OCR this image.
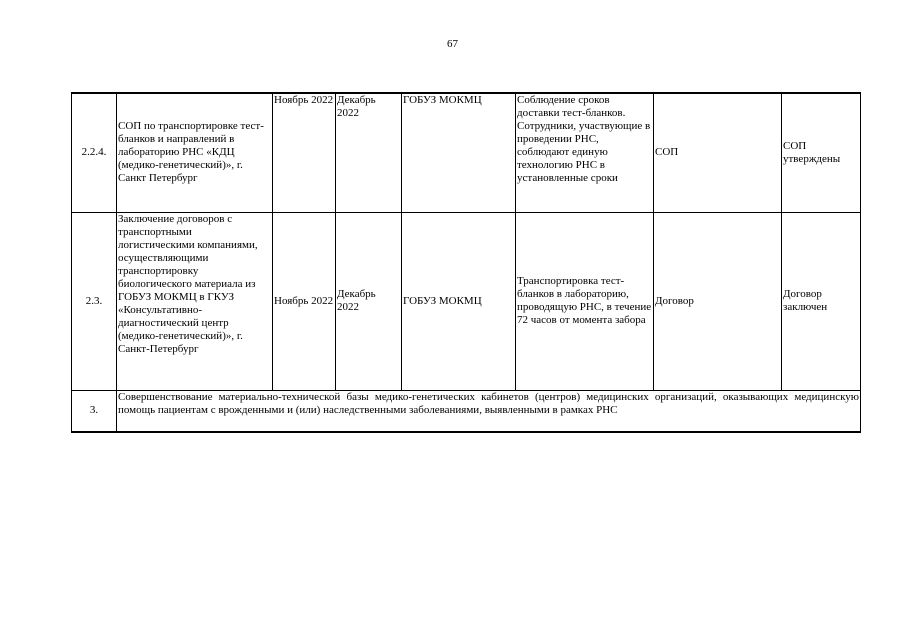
67
2.2.4.	СОП по транспортировке тест-бланков и направлений в лабораторию РНС «КДЦ (медико-генетический)», г. Санкт Петербург	Ноябрь 2022	Декабрь 2022	ГОБУЗ МОКМЦ	Соблюдение сроков доставки тест-бланков. Сотрудники, участвующие в проведении РНС, соблюдают единую технологию РНС в установленные сроки	СОП	СОП утверждены
2.3.	Заключение договоров с транспортными логистическими компаниями, осуществляющими транспортировку биологического материала из ГОБУЗ МОКМЦ в ГКУЗ «Консультативно-диагностический центр (медико-генетический)», г. Санкт-Петербург	Ноябрь 2022	Декабрь 2022	ГОБУЗ МОКМЦ	Транспортировка тест-бланков в лабораторию, проводящую РНС, в течение 72 часов от момента забора	Договор	Договор заключен
3.	Совершенствование материально-технической базы медико-генетических кабинетов (центров) медицинских организаций, оказывающих медицинскую помощь пациентам с врожденными и (или) наследственными заболеваниями, выявленными в рамках РНС						
